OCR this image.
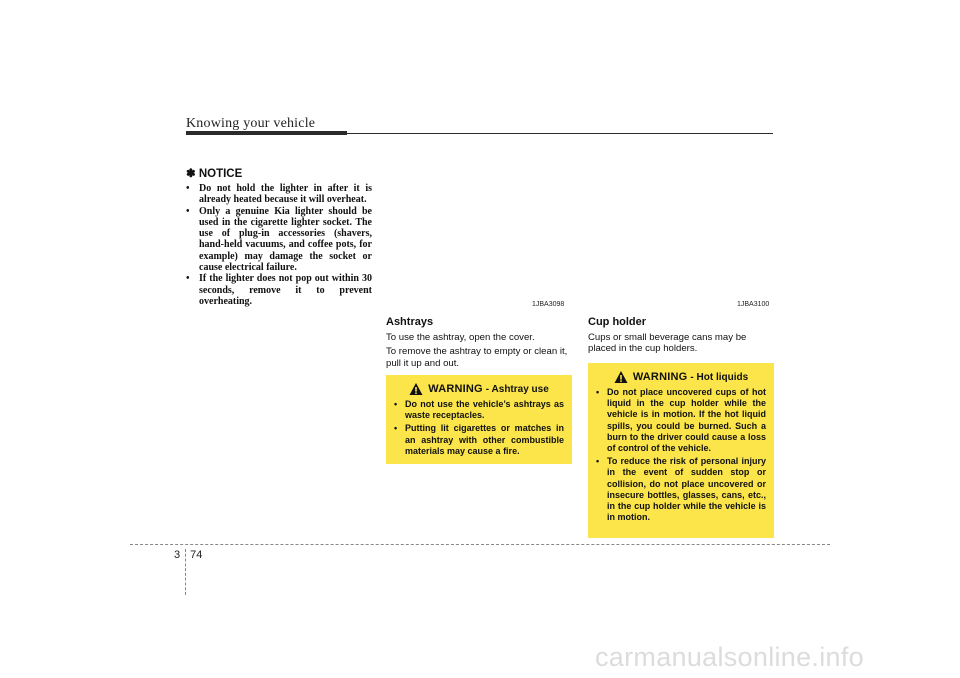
Knowing your vehicle
✽ NOTICE
• Do not hold the lighter in after it is already heated because it will overheat.
• Only a genuine Kia lighter should be used in the cigarette lighter socket. The use of plug-in accessories (shavers, hand-held vacuums, and coffee pots, for example) may damage the socket or cause electrical failure.
• If the lighter does not pop out within 30 seconds, remove it to prevent overheating.	1JBA3098	1JBA3100
Ashtrays

To use the ashtray, open the cover.

To remove the ashtray to empty or clean it, pull it up and out.

WARNING - Ashtray use
• Do not use the vehicle’s ashtrays as waste receptacles.
• Putting lit cigarettes or matches in an ashtray with other combustible materials may cause a fire.
Cup holder

Cups or small beverage cans may be placed in the cup holders.

WARNING - Hot liquids
• Do not place uncovered cups of hot liquid in the cup holder while the vehicle is in motion. If the hot liquid spills, you could be burned. Such a burn to the driver could cause a loss of control of the vehicle.
• To reduce the risk of personal injury in the event of sudden stop or collision, do not place uncovered or insecure bottles, glasses, cans, etc., in the cup holder while the vehicle is in motion.
3 74
carmanualsonline.info
